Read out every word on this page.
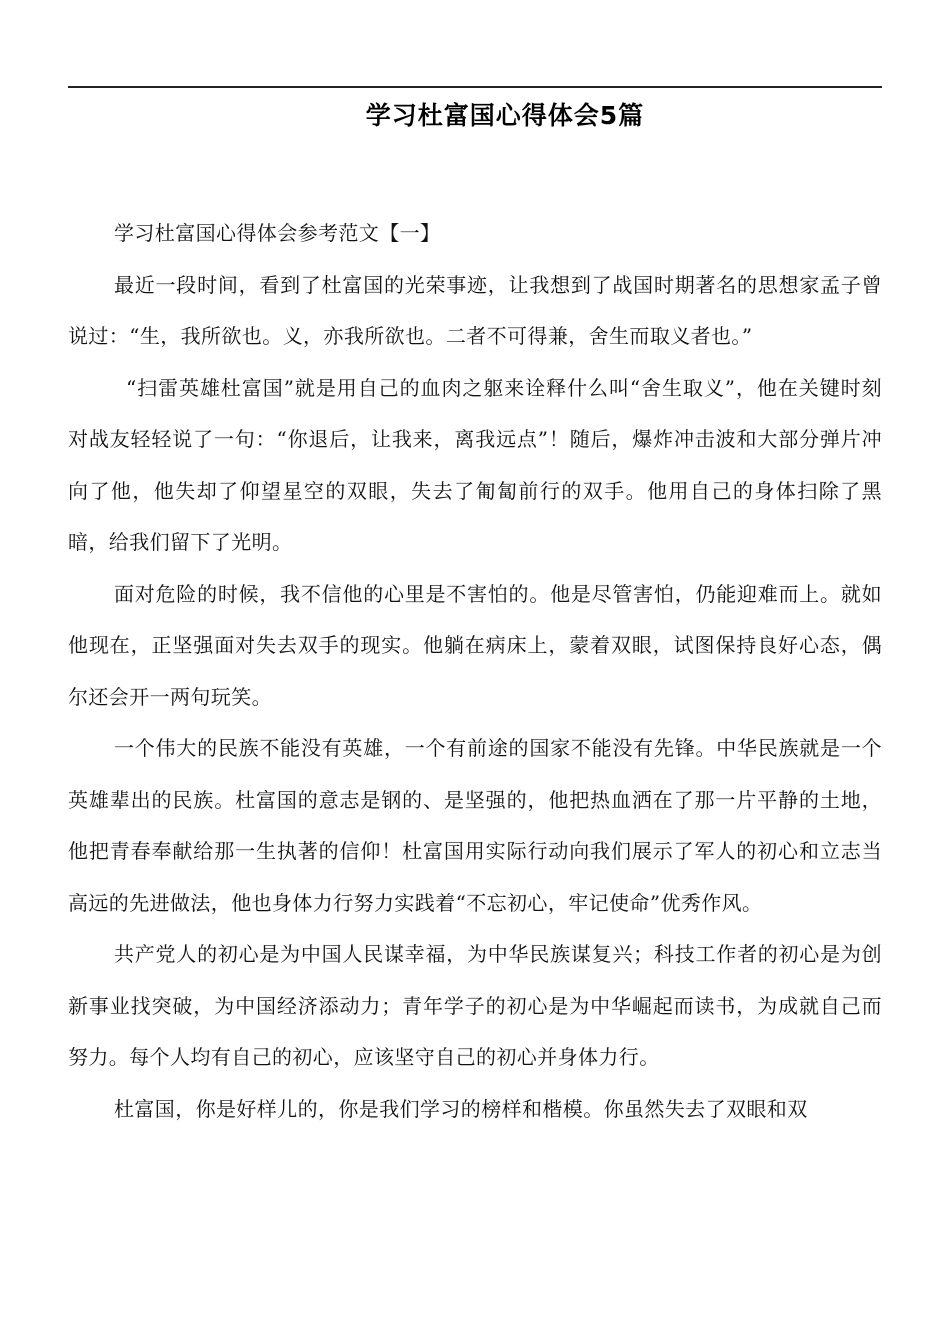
学习杜富国心得体会5篇

学习杜富国心得体会参考范文【一】

最近一段时间，看到了杜富国的光荣事迹，让我想到了战国时期著名的思想家孟子曾说过：“生，我所欲也。义，亦我所欲也。二者不可得兼，舍生而取义者也。”

“扫雷英雄杜富国”就是用自己的血肉之躯来诠释什么叫“舍生取义”，他在关键时刻对战友轻轻说了一句：“你退后，让我来，离我远点”！随后，爆炸冲击波和大部分弹片冲向了他，他失却了仰望星空的双眼，失去了匍匐前行的双手。他用自己的身体扫除了黑暗，给我们留下了光明。

面对危险的时候，我不信他的心里是不害怕的。他是尽管害怕，仍能迎难而上。就如他现在，正坚强面对失去双手的现实。他躺在病床上，蒙着双眼，试图保持良好心态，偶尔还会开一两句玩笑。

一个伟大的民族不能没有英雄，一个有前途的国家不能没有先锋。中华民族就是一个英雄辈出的民族。杜富国的意志是钢的、是坚强的，他把热血洒在了那一片平静的土地，他把青春奉献给那一生执著的信仰！杜富国用实际行动向我们展示了军人的初心和立志当高远的先进做法，他也身体力行努力实践着“不忘初心，牢记使命”优秀作风。

共产党人的初心是为中国人民谋幸福，为中华民族谋复兴；科技工作者的初心是为创新事业找突破，为中国经济添动力；青年学子的初心是为中华崛起而读书，为成就自己而努力。每个人均有自己的初心，应该坚守自己的初心并身体力行。

杜富国，你是好样儿的，你是我们学习的榜样和楷模。你虽然失去了双眼和双
